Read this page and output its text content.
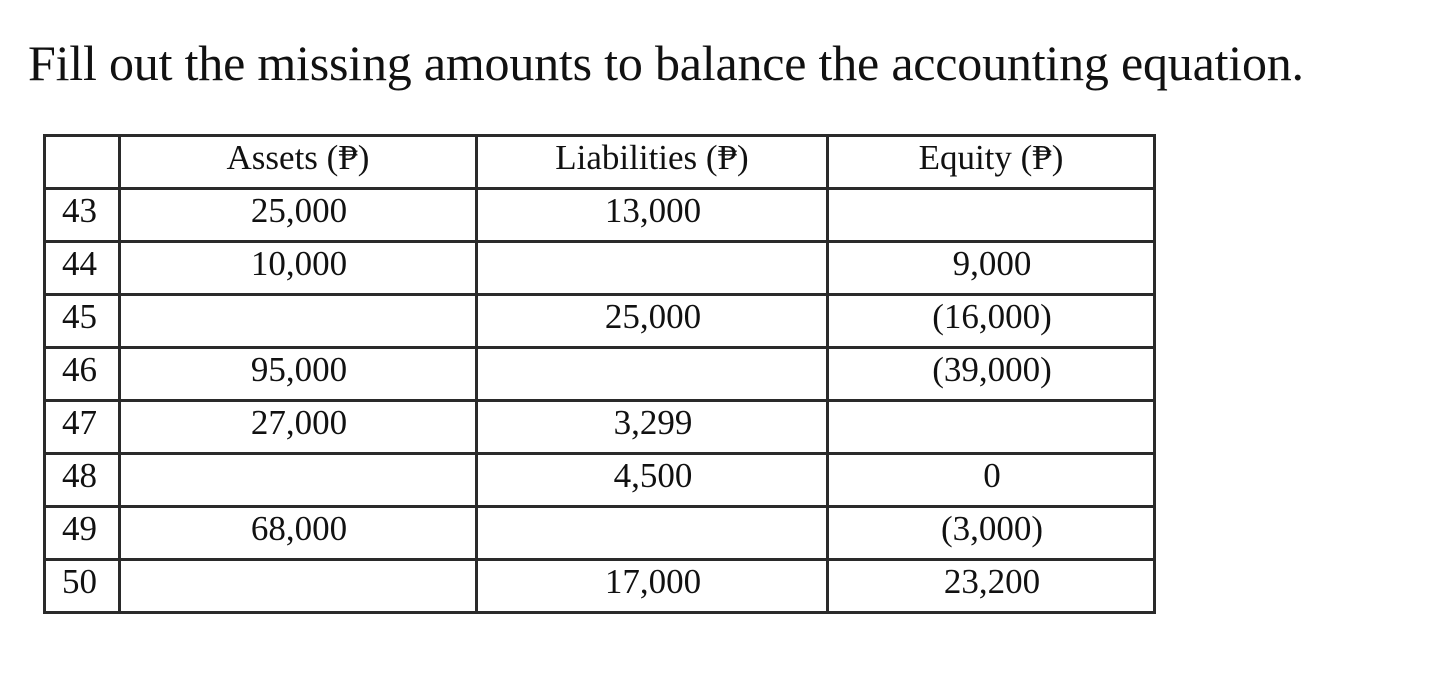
Fill out the missing amounts to balance the accounting equation.
	Assets (₱)	Liabilities (₱)	Equity (₱)
43	25,000	13,000	
44	10,000		9,000
45		25,000	(16,000)
46	95,000		(39,000)
47	27,000	3,299	
48		4,500	0
49	68,000		(3,000)
50		17,000	23,200
